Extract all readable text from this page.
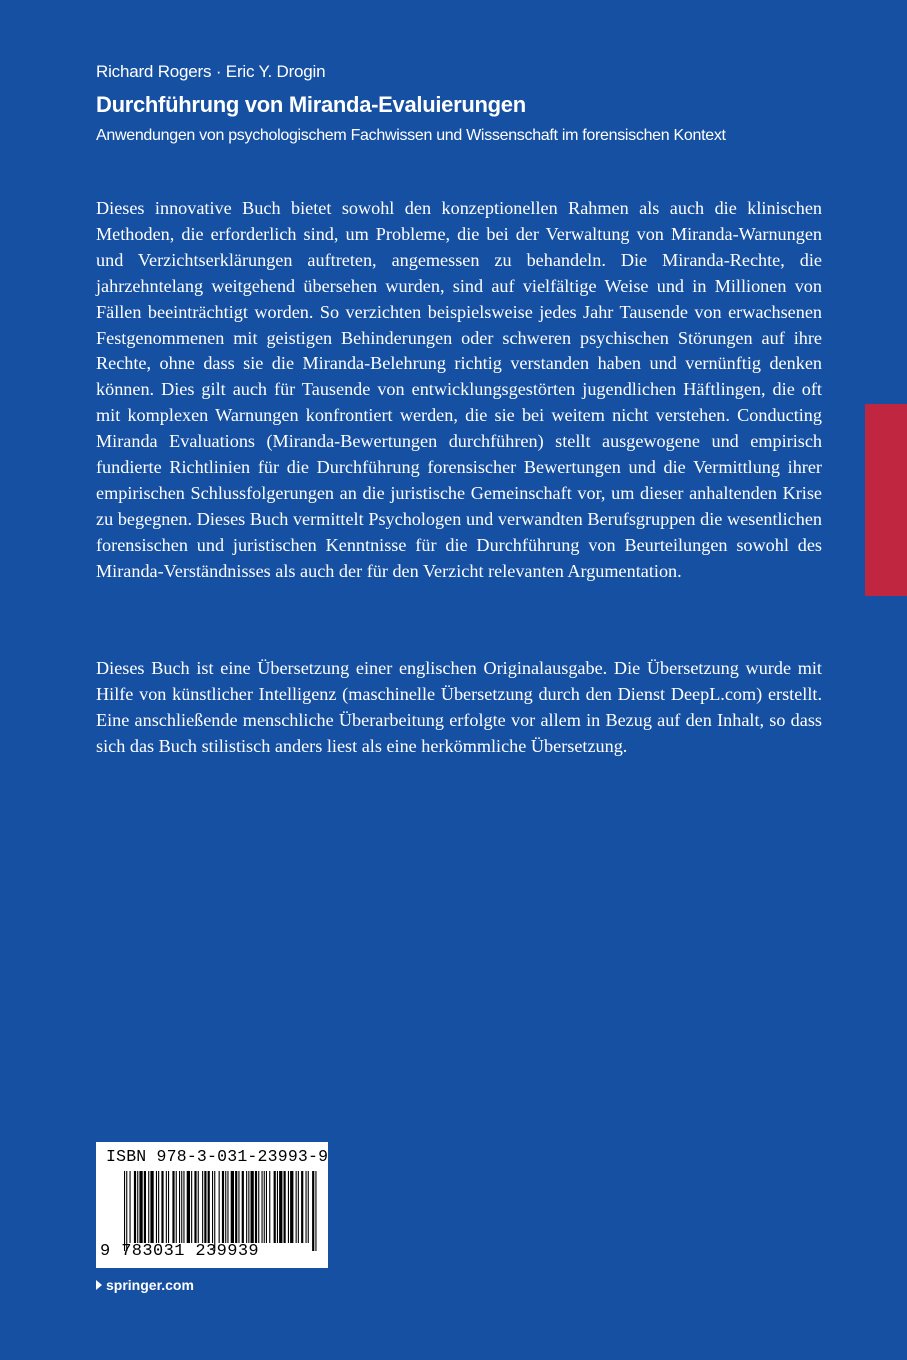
Richard Rogers · Eric Y. Drogin
Durchführung von Miranda-Evaluierungen
Anwendungen von psychologischem Fachwissen und Wissenschaft im forensischen Kontext

Dieses innovative Buch bietet sowohl den konzeptionellen Rahmen als auch die klinischen Methoden, die erforderlich sind, um Probleme, die bei der Verwaltung von Miranda-Warnungen und Verzichtserklärungen auftreten, angemessen zu behandeln. Die Miranda-Rechte, die jahrzehntelang weitgehend übersehen wurden, sind auf vielfältige Weise und in Millionen von Fällen beeinträchtigt worden. So verzichten beispielsweise jedes Jahr Tausende von erwachsenen Festgenommenen mit geistigen Behinderungen oder schweren psychischen Störungen auf ihre Rechte, ohne dass sie die Miranda-Belehrung richtig verstanden haben und vernünftig denken können. Dies gilt auch für Tausende von entwicklungsgestörten jugendlichen Häftlingen, die oft mit komplexen Warnungen konfrontiert werden, die sie bei weitem nicht verstehen. Conducting Miranda Evaluations (Miranda-Bewertungen durchführen) stellt ausgewogene und empirisch fundierte Richtlinien für die Durchführung forensischer Bewertungen und die Vermittlung ihrer empirischen Schlussfolgerungen an die juristische Gemeinschaft vor, um dieser anhaltenden Krise zu begegnen. Dieses Buch vermittelt Psychologen und verwandten Berufsgruppen die wesentlichen forensischen und juristischen Kenntnisse für die Durchführung von Beurteilungen sowohl des Miranda-Verständnisses als auch der für den Verzicht relevanten Argumentation.

Dieses Buch ist eine Übersetzung einer englischen Originalausgabe. Die Übersetzung wurde mit Hilfe von künstlicher Intelligenz (maschinelle Übersetzung durch den Dienst DeepL.com) erstellt. Eine anschließende menschliche Überarbeitung erfolgte vor allem in Bezug auf den Inhalt, so dass sich das Buch stilistisch anders liest als eine herkömmliche Übersetzung.

ISBN 978-3-031-23993-9
9 783031 239939
springer.com
